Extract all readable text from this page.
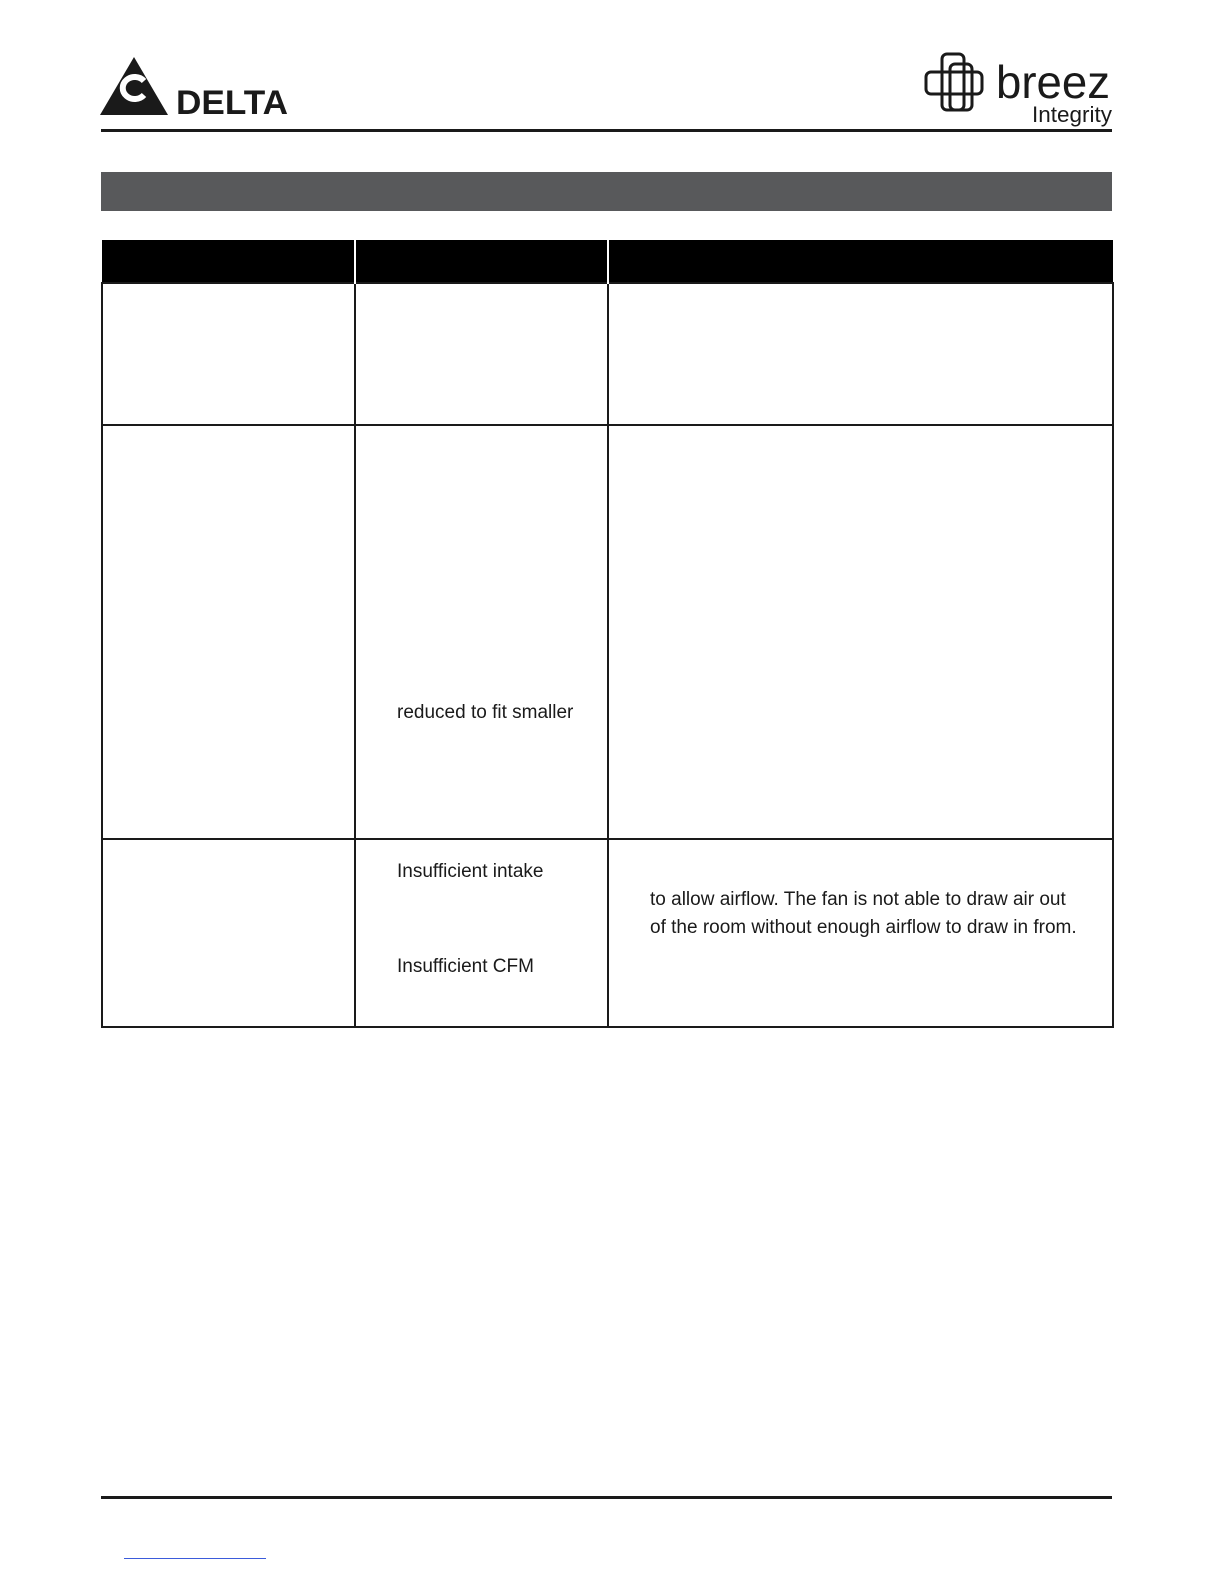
DELTA	breez
Integrity

	reduced to fit smaller	

	Insufficient intake
Insufficient CFM	to allow airflow. The fan is not able to draw air out
of the room without enough airflow to draw in from.
